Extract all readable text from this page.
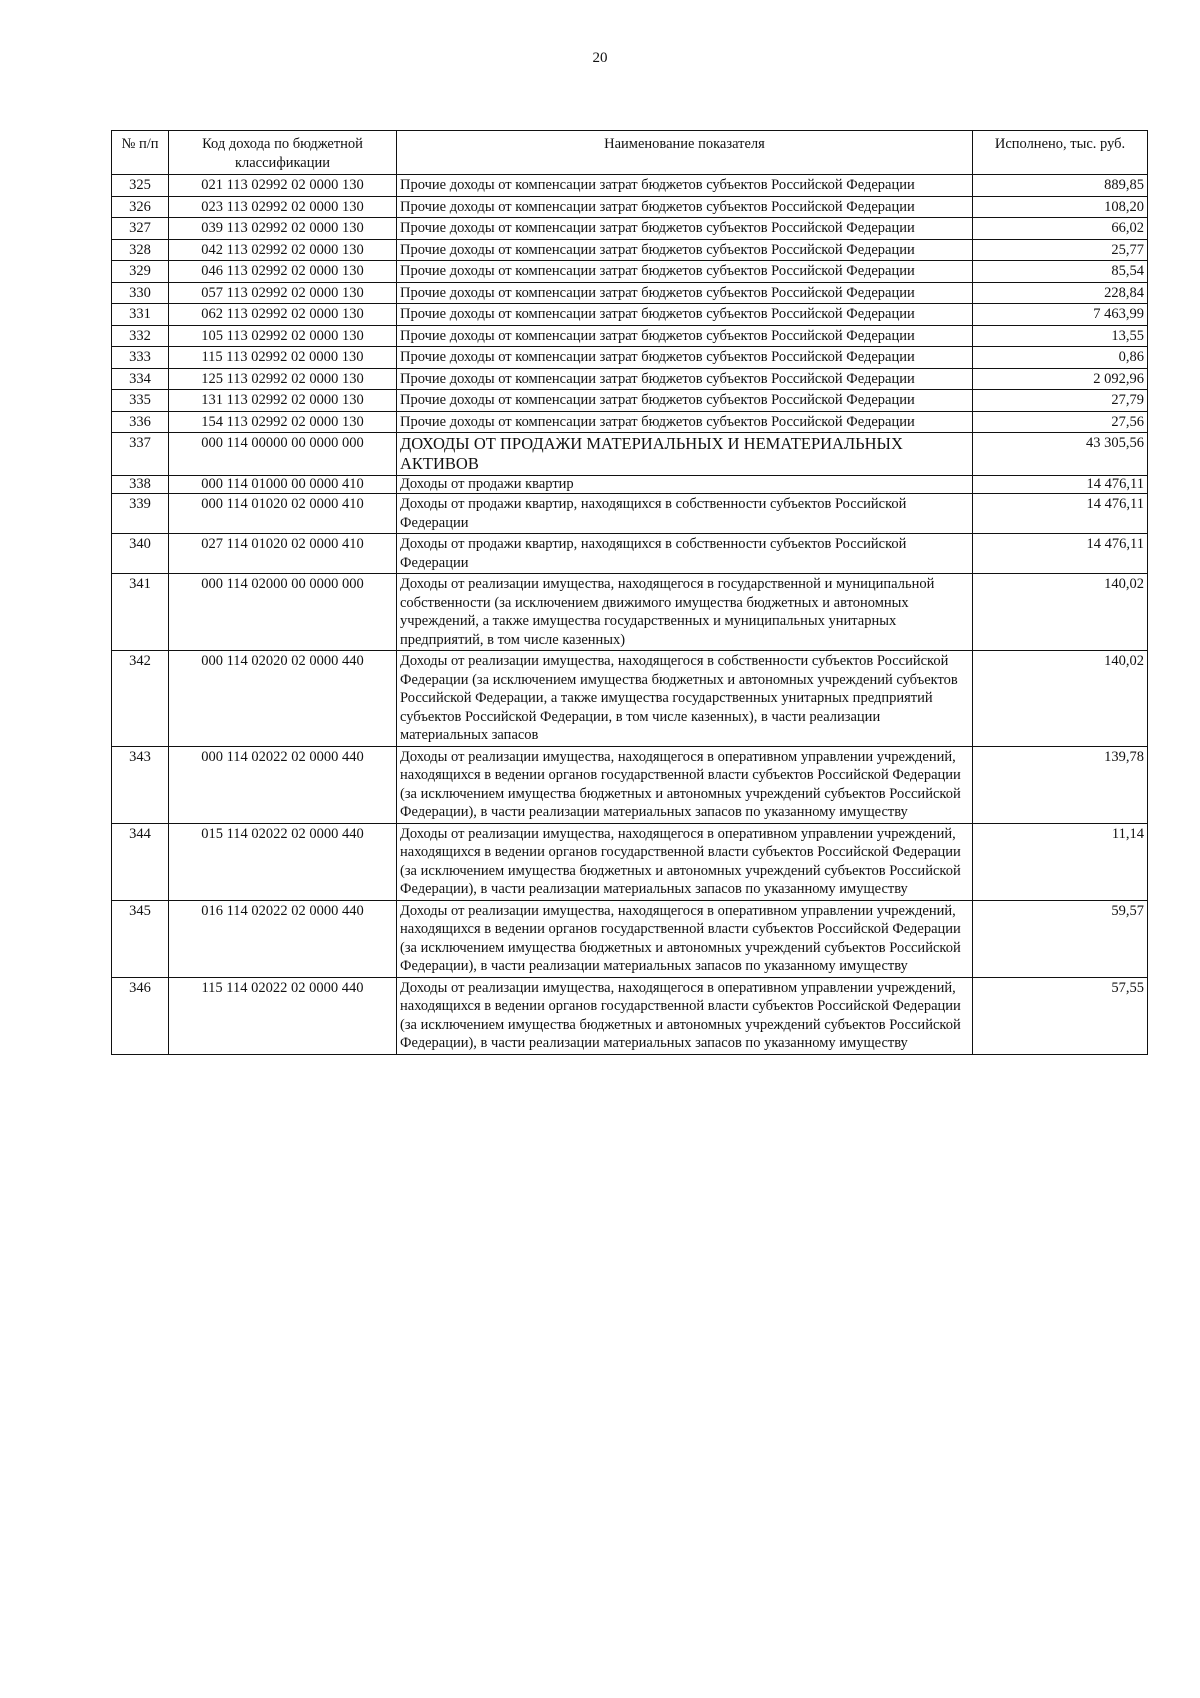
20
№ п/п	Код дохода по бюджетной классификации	Наименование показателя	Исполнено, тыс. руб.
325	021 113 02992 02 0000 130	Прочие доходы от компенсации затрат бюджетов субъектов Российской Федерации	889,85
326	023 113 02992 02 0000 130	Прочие доходы от компенсации затрат бюджетов субъектов Российской Федерации	108,20
327	039 113 02992 02 0000 130	Прочие доходы от компенсации затрат бюджетов субъектов Российской Федерации	66,02
328	042 113 02992 02 0000 130	Прочие доходы от компенсации затрат бюджетов субъектов Российской Федерации	25,77
329	046 113 02992 02 0000 130	Прочие доходы от компенсации затрат бюджетов субъектов Российской Федерации	85,54
330	057 113 02992 02 0000 130	Прочие доходы от компенсации затрат бюджетов субъектов Российской Федерации	228,84
331	062 113 02992 02 0000 130	Прочие доходы от компенсации затрат бюджетов субъектов Российской Федерации	7 463,99
332	105 113 02992 02 0000 130	Прочие доходы от компенсации затрат бюджетов субъектов Российской Федерации	13,55
333	115 113 02992 02 0000 130	Прочие доходы от компенсации затрат бюджетов субъектов Российской Федерации	0,86
334	125 113 02992 02 0000 130	Прочие доходы от компенсации затрат бюджетов субъектов Российской Федерации	2 092,96
335	131 113 02992 02 0000 130	Прочие доходы от компенсации затрат бюджетов субъектов Российской Федерации	27,79
336	154 113 02992 02 0000 130	Прочие доходы от компенсации затрат бюджетов субъектов Российской Федерации	27,56
337	000 114 00000 00 0000 000	ДОХОДЫ ОТ ПРОДАЖИ МАТЕРИАЛЬНЫХ И НЕМАТЕРИАЛЬНЫХ АКТИВОВ	43 305,56
338	000 114 01000 00 0000 410	Доходы от продажи квартир	14 476,11
339	000 114 01020 02 0000 410	Доходы от продажи квартир, находящихся в собственности субъектов Российской Федерации	14 476,11
340	027 114 01020 02 0000 410	Доходы от продажи квартир, находящихся в собственности субъектов Российской Федерации	14 476,11
341	000 114 02000 00 0000 000	Доходы от реализации имущества, находящегося в государственной и муниципальной собственности (за исключением движимого имущества бюджетных и автономных учреждений, а также имущества государственных и муниципальных унитарных предприятий, в том числе казенных)	140,02
342	000 114 02020 02 0000 440	Доходы от реализации имущества, находящегося в собственности субъектов Российской Федерации (за исключением имущества бюджетных и автономных учреждений субъектов Российской Федерации, а также имущества государственных унитарных предприятий субъектов Российской Федерации, в том числе казенных), в части реализации материальных запасов	140,02
343	000 114 02022 02 0000 440	Доходы от реализации имущества, находящегося в оперативном управлении учреждений, находящихся в ведении органов государственной власти субъектов Российской Федерации (за исключением имущества бюджетных и автономных учреждений субъектов Российской Федерации), в части реализации материальных запасов по указанному имуществу	139,78
344	015 114 02022 02 0000 440	Доходы от реализации имущества, находящегося в оперативном управлении учреждений, находящихся в ведении органов государственной власти субъектов Российской Федерации (за исключением имущества бюджетных и автономных учреждений субъектов Российской Федерации), в части реализации материальных запасов по указанному имуществу	11,14
345	016 114 02022 02 0000 440	Доходы от реализации имущества, находящегося в оперативном управлении учреждений, находящихся в ведении органов государственной власти субъектов Российской Федерации (за исключением имущества бюджетных и автономных учреждений субъектов Российской Федерации), в части реализации материальных запасов по указанному имуществу	59,57
346	115 114 02022 02 0000 440	Доходы от реализации имущества, находящегося в оперативном управлении учреждений, находящихся в ведении органов государственной власти субъектов Российской Федерации (за исключением имущества бюджетных и автономных учреждений субъектов Российской Федерации), в части реализации материальных запасов по указанному имуществу	57,55
